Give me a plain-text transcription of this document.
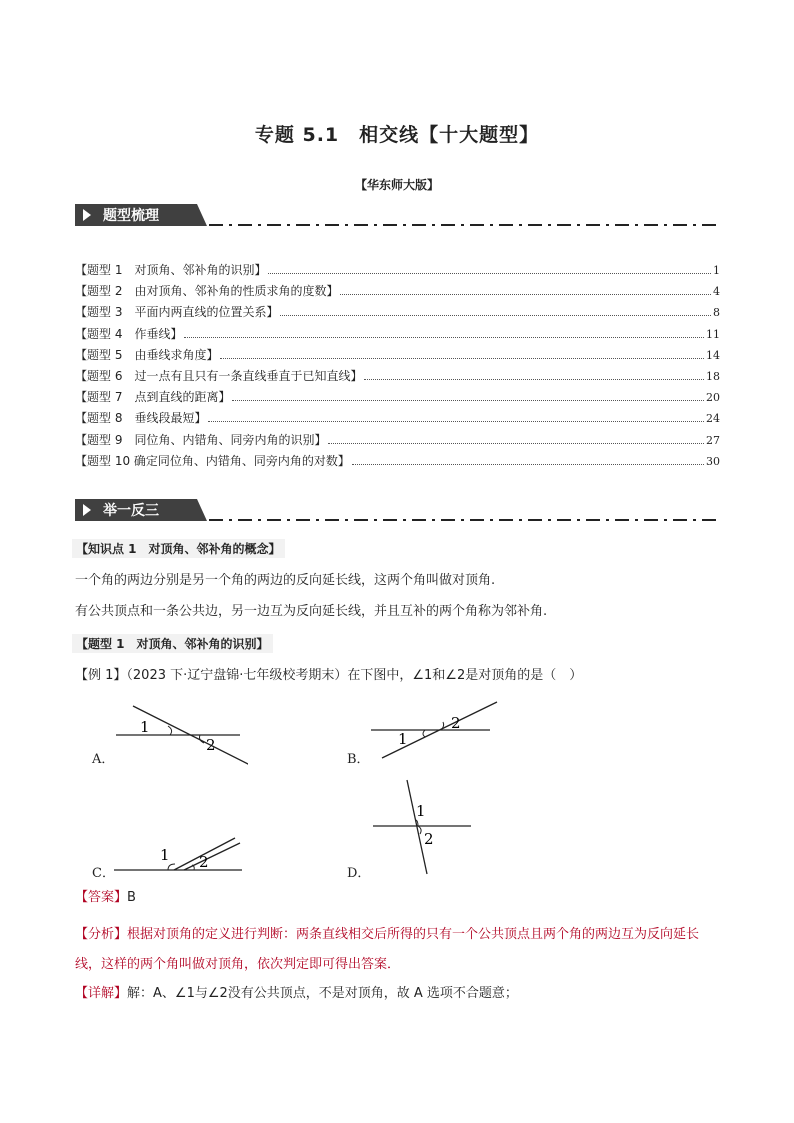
专题 5.1　相交线【十大题型】
【华东师大版】
题型梳理
【题型 1　对顶角、邻补角的识别】	1
【题型 2　由对顶角、邻补角的性质求角的度数】	4
【题型 3　平面内两直线的位置关系】	8
【题型 4　作垂线】	11
【题型 5　由垂线求角度】	14
【题型 6　过一点有且只有一条直线垂直于已知直线】	18
【题型 7　点到直线的距离】	20
【题型 8　垂线段最短】	24
【题型 9　同位角、内错角、同旁内角的识别】	27
【题型 10 确定同位角、内错角、同旁内角的对数】	30
举一反三
【知识点 1　对顶角、邻补角的概念】
一个角的两边分别是另一个角的两边的反向延长线，这两个角叫做对顶角.
有公共顶点和一条公共边，另一边互为反向延长线，并且互补的两个角称为邻补角.
【题型 1　对顶角、邻补角的识别】
【例 1】（2023 下·辽宁盘锦·七年级校考期末）在下图中，∠1和∠2是对顶角的是（　）
1
2
A．
1
2
B．
1 2
C．
1
2
D．
【答案】B
【分析】根据对顶角的定义进行判断：两条直线相交后所得的只有一个公共顶点且两个角的两边互为反向延长线，这样的两个角叫做对顶角，依次判定即可得出答案．
【详解】解：A、∠1与∠2没有公共顶点，不是对顶角，故 A 选项不合题意；
